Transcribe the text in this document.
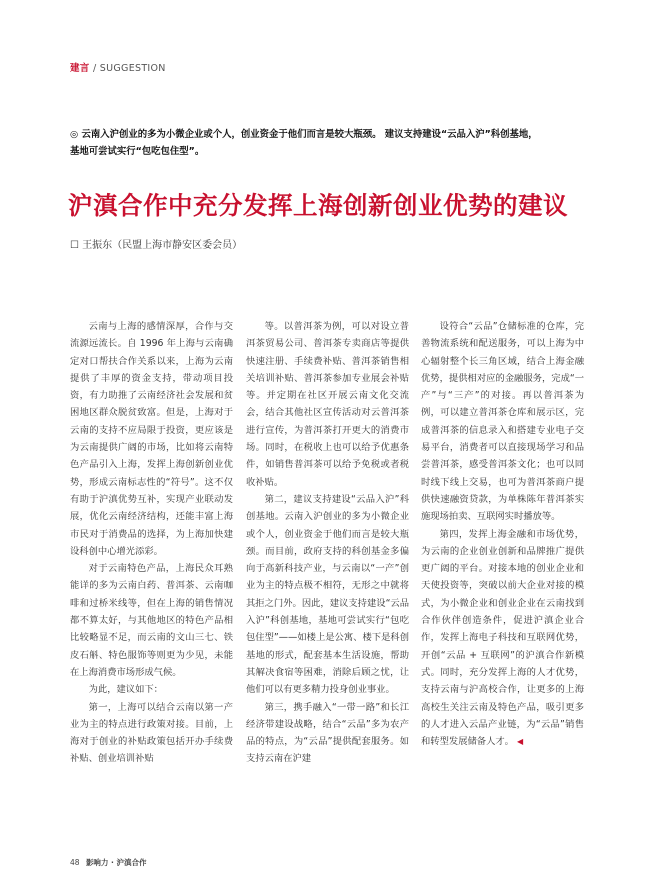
建言 / SUGGESTION
◎ 云南入沪创业的多为小微企业或个人，创业资金于他们而言是较大瓶颈。 建议支持建设“云品入沪”科创基地，基地可尝试实行“包吃包住型”。
沪滇合作中充分发挥上海创新创业优势的建议
☐ 王振东（民盟上海市静安区委会员）

云南与上海的感情深厚，合作与交流源远流长。自 1996 年上海与云南确定对口帮扶合作关系以来，上海为云南提供了丰厚的资金支持，带动项目投资，有力助推了云南经济社会发展和贫困地区群众脱贫致富。但是，上海对于云南的支持不应局限于投资，更应该是为云南提供广阔的市场，比如将云南特色产品引入上海，发挥上海创新创业优势，形成云南标志性的“符号”。这不仅有助于沪滇优势互补，实现产业联动发展，优化云南经济结构，还能丰富上海市民对于消费品的选择，为上海加快建设科创中心增光添彩。

对于云南特色产品，上海民众耳熟能详的多为云南白药、普洱茶、云南咖啡和过桥米线等，但在上海的销售情况都不算太好，与其他地区的特色产品相比较略显不足，而云南的文山三七、铁皮石斛、特色服饰等则更为少见，未能在上海消费市场形成气候。

为此，建议如下：

第一，上海可以结合云南以第一产业为主的特点进行政策对接。目前，上海对于创业的补贴政策包括开办手续费补贴、创业培训补贴

等。以普洱茶为例，可以对设立普洱茶贸易公司、普洱茶专卖商店等提供快速注册、手续费补贴、普洱茶销售相关培训补贴、普洱茶参加专业展会补贴等。并定期在社区开展云南文化交流会，结合其他社区宣传活动对云普洱茶进行宣传，为普洱茶打开更大的消费市场。同时，在税收上也可以给予优惠条件，如销售普洱茶可以给予免税或者税收补贴。

第二，建议支持建设“云品入沪”科创基地。云南入沪创业的多为小微企业或个人，创业资金于他们而言是较大瓶颈。而目前，政府支持的科创基金多偏向于高新科技产业，与云南以“一产”创业为主的特点极不相符，无形之中就将其拒之门外。因此，建议支持建设“云品入沪”科创基地，基地可尝试实行“包吃包住型”——如楼上是公寓、楼下是科创基地的形式，配套基本生活设施，帮助其解决食宿等困难，消除后顾之忧，让他们可以有更多精力投身创业事业。

第三，携手融入“一带一路”和长江经济带建设战略，结合“云品”多为农产品的特点，为“云品”提供配套服务。如支持云南在沪建

设符合“云品”仓储标准的仓库，完善物流系统和配送服务，可以上海为中心辐射整个长三角区域，结合上海金融优势，提供相对应的金融服务，完成“一产”与“三产”的对接。再以普洱茶为例，可以建立普洱茶仓库和展示区，完成普洱茶的信息录入和搭建专业电子交易平台，消费者可以直接现场学习和品尝普洱茶，感受普洱茶文化；也可以同时线下线上交易，也可为普洱茶商户提供快速融资贷款，为单株陈年普洱茶实施现场拍卖、互联网实时播放等。

第四，发挥上海金融和市场优势，为云南的企业创业创新和品牌推广提供更广阔的平台。对接本地的创业企业和天使投资等，突破以前大企业对接的模式，为小微企业和创业企业在云南找到合作伙伴创造条件，促进沪滇企业合作，发挥上海电子科技和互联网优势，开创“云品 + 互联网”的沪滇合作新模式。同时，充分发挥上海的人才优势，支持云南与沪高校合作，让更多的上海高校生关注云南及特色产品，吸引更多的人才进入云品产业链，为“云品”销售和转型发展储备人才。 ◀

48 影响力 · 沪滇合作
